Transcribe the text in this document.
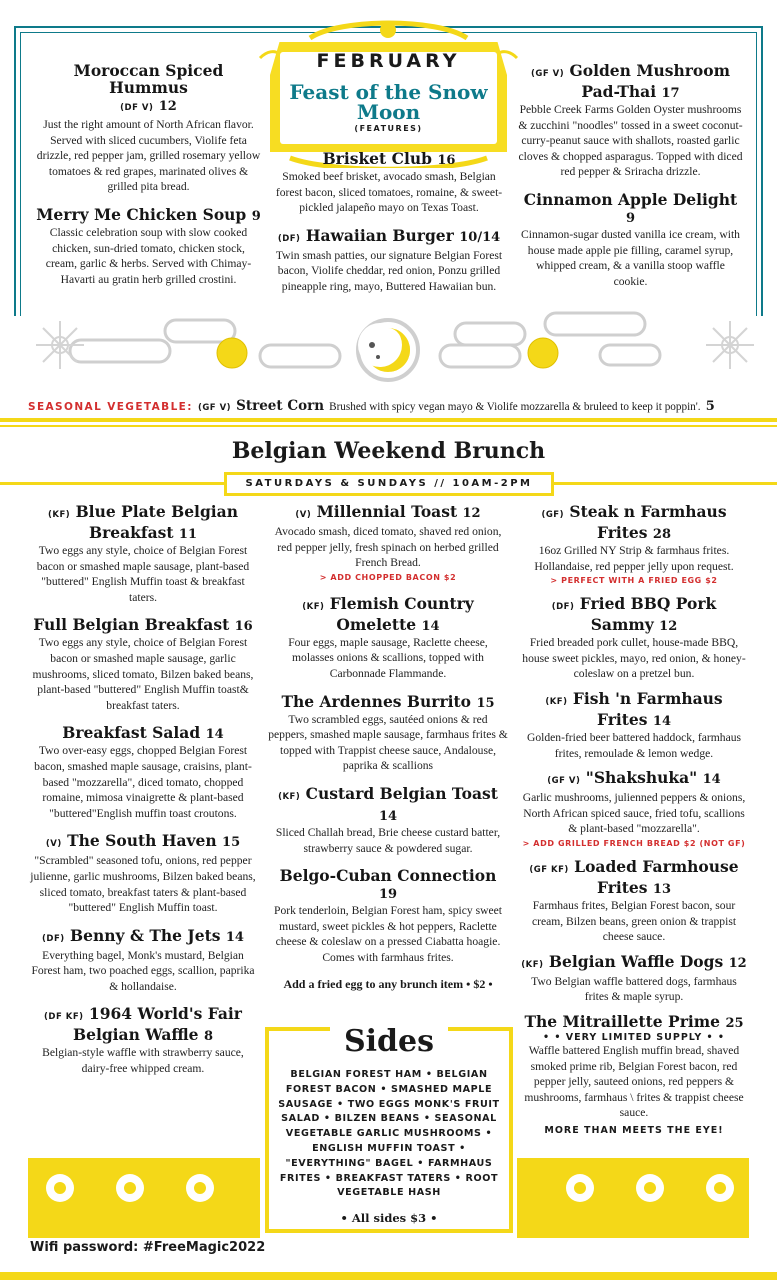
FEBRUARY
Feast of the Snow Moon
(FEATURES)
Moroccan Spiced Hummus
(DF V) 12
Just the right amount of North African flavor. Served with sliced cucumbers, Violife feta drizzle, red pepper jam, grilled rosemary yellow tomatoes & red grapes, marinated olives & grilled pita bread.
Merry Me Chicken Soup 9
Classic celebration soup with slow cooked chicken, sun-dried tomato, chicken stock, cream, garlic & herbs. Served with Chimay-Havarti au gratin herb grilled crostini.
Brisket Club 16
Smoked beef brisket, avocado smash, Belgian forest bacon, sliced tomatoes, romaine, & sweet-pickled jalapeño mayo on Texas Toast.
(DF) Hawaiian Burger 10/14
Twin smash patties, our signature Belgian Forest bacon, Violife cheddar, red onion, Ponzu grilled pineapple ring, mayo, Buttered Hawaiian bun.
(GF V) Golden Mushroom Pad-Thai 17
Pebble Creek Farms Golden Oyster mushrooms & zucchini "noodles" tossed in a sweet coconut-curry-peanut sauce with shallots, roasted garlic cloves & chopped asparagus. Topped with diced red pepper & Sriracha drizzle.
Cinnamon Apple Delight 9
Cinnamon-sugar dusted vanilla ice cream, with house made apple pie filling, caramel syrup, whipped cream, & a vanilla stoop waffle cookie.
SEASONAL VEGETABLE: (GF V) Street Corn Brushed with spicy vegan mayo & Violife mozzarella & bruleed to keep it poppin'. 5
Belgian Weekend Brunch
SATURDAYS & SUNDAYS // 10AM-2PM
(KF) Blue Plate Belgian Breakfast 11
Two eggs any style, choice of Belgian Forest bacon or smashed maple sausage, plant-based "buttered" English Muffin toast & breakfast taters.
Full Belgian Breakfast 16
Two eggs any style, choice of Belgian Forest bacon or smashed maple sausage, garlic mushrooms, sliced tomato, Bilzen baked beans, plant-based "buttered" English Muffin toast& breakfast taters.
Breakfast Salad 14
Two over-easy eggs, chopped Belgian Forest bacon, smashed maple sausage, craisins, plant-based "mozzarella", diced tomato, chopped romaine, mimosa vinaigrette & plant-based "buttered"English muffin toast croutons.
(V) The South Haven 15
"Scrambled" seasoned tofu, onions, red pepper julienne, garlic mushrooms, Bilzen baked beans, sliced tomato, breakfast taters & plant-based "buttered" English Muffin toast.
(DF) Benny & The Jets 14
Everything bagel, Monk's mustard, Belgian Forest ham, two poached eggs, scallion, paprika & hollandaise.
(DF KF) 1964 World's Fair Belgian Waffle 8
Belgian-style waffle with strawberry sauce, dairy-free whipped cream.
(V) Millennial Toast 12
Avocado smash, diced tomato, shaved red onion, red pepper jelly, fresh spinach on herbed grilled French Bread.
> ADD CHOPPED BACON $2
(KF) Flemish Country Omelette 14
Four eggs, maple sausage, Raclette cheese, molasses onions & scallions, topped with Carbonnade Flammande.
The Ardennes Burrito 15
Two scrambled eggs, sautéed onions & red peppers, smashed maple sausage, farmhaus frites & topped with Trappist cheese sauce, Andalouse, paprika & scallions
(KF) Custard Belgian Toast 14
Sliced Challah bread, Brie cheese custard batter, strawberry sauce & powdered sugar.
Belgo-Cuban Connection 19
Pork tenderloin, Belgian Forest ham, spicy sweet mustard, sweet pickles & hot peppers, Raclette cheese & coleslaw on a pressed Ciabatta hoagie. Comes with farmhaus frites.
Add a fried egg to any brunch item • $2 •
(GF) Steak n Farmhaus Frites 28
16oz Grilled NY Strip & farmhaus frites. Hollandaise, red pepper jelly upon request.
> PERFECT WITH A FRIED EGG $2
(DF) Fried BBQ Pork Sammy 12
Fried breaded pork cullet, house-made BBQ, house sweet pickles, mayo, red onion, & honey-coleslaw on a pretzel bun.
(KF) Fish 'n Farmhaus Frites 14
Golden-fried beer battered haddock, farmhaus frites, remoulade & lemon wedge.
(GF V) "Shakshuka" 14
Garlic mushrooms, julienned peppers & onions, North African spiced sauce, fried tofu, scallions & plant-based "mozzarella".
> ADD GRILLED FRENCH BREAD $2 (NOT GF)
(GF KF) Loaded Farmhouse Frites 13
Farmhaus frites, Belgian Forest bacon, sour cream, Bilzen beans, green onion & trappist cheese sauce.
(KF) Belgian Waffle Dogs 12
Two Belgian waffle battered dogs, farmhaus frites & maple syrup.
The Mitraillette Prime 25
• • VERY LIMITED SUPPLY • •
Waffle battered English muffin bread, shaved smoked prime rib, Belgian Forest bacon, red pepper jelly, sauteed onions, red peppers & mushrooms, farmhaus \ frites & trappist cheese sauce.
MORE THAN MEETS THE EYE!
Sides
BELGIAN FOREST HAM • BELGIAN FOREST BACON • SMASHED MAPLE SAUSAGE • TWO EGGS MONK'S FRUIT SALAD • BILZEN BEANS • SEASONAL VEGETABLE GARLIC MUSHROOMS • ENGLISH MUFFIN TOAST • "EVERYTHING" BAGEL • FARMHAUS FRITES • BREAKFAST TATERS • ROOT VEGETABLE HASH
• All sides $3 •
Wifi password: #FreeMagic2022
